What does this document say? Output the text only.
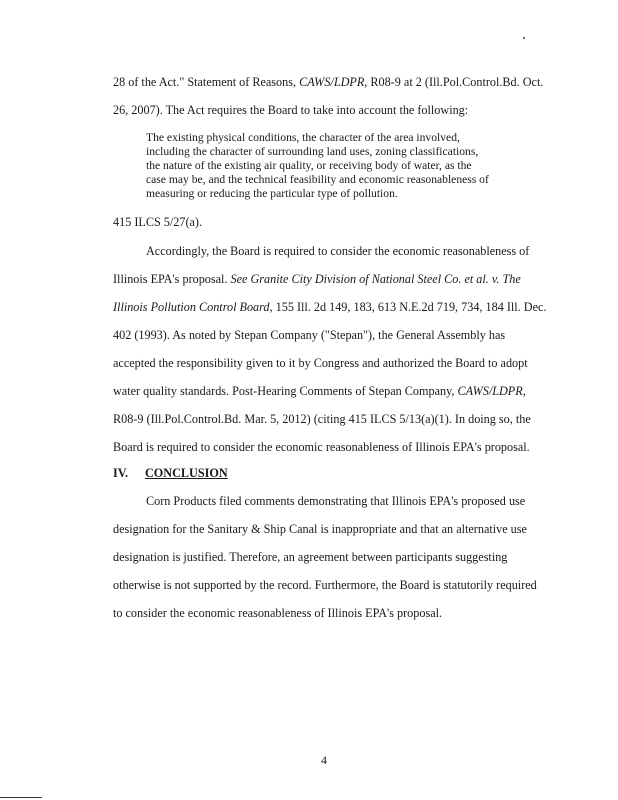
28 of the Act." Statement of Reasons, CAWS/LDPR, R08-9 at 2 (Ill.Pol.Control.Bd. Oct.
26, 2007). The Act requires the Board to take into account the following:
The existing physical conditions, the character of the area involved,
including the character of surrounding land uses, zoning classifications,
the nature of the existing air quality, or receiving body of water, as the
case may be, and the technical feasibility and economic reasonableness of
measuring or reducing the particular type of pollution.
415 ILCS 5/27(a).
Accordingly, the Board is required to consider the economic reasonableness of
Illinois EPA's proposal. See Granite City Division of National Steel Co. et al. v. The
Illinois Pollution Control Board, 155 Ill. 2d 149, 183, 613 N.E.2d 719, 734, 184 Ill. Dec.
402 (1993). As noted by Stepan Company ("Stepan"), the General Assembly has
accepted the responsibility given to it by Congress and authorized the Board to adopt
water quality standards. Post-Hearing Comments of Stepan Company, CAWS/LDPR,
R08-9 (Ill.Pol.Control.Bd. Mar. 5, 2012) (citing 415 ILCS 5/13(a)(1). In doing so, the
Board is required to consider the economic reasonableness of Illinois EPA's proposal.
IV. CONCLUSION
Corn Products filed comments demonstrating that Illinois EPA's proposed use
designation for the Sanitary & Ship Canal is inappropriate and that an alternative use
designation is justified. Therefore, an agreement between participants suggesting
otherwise is not supported by the record. Furthermore, the Board is statutorily required
to consider the economic reasonableness of Illinois EPA's proposal.
4
